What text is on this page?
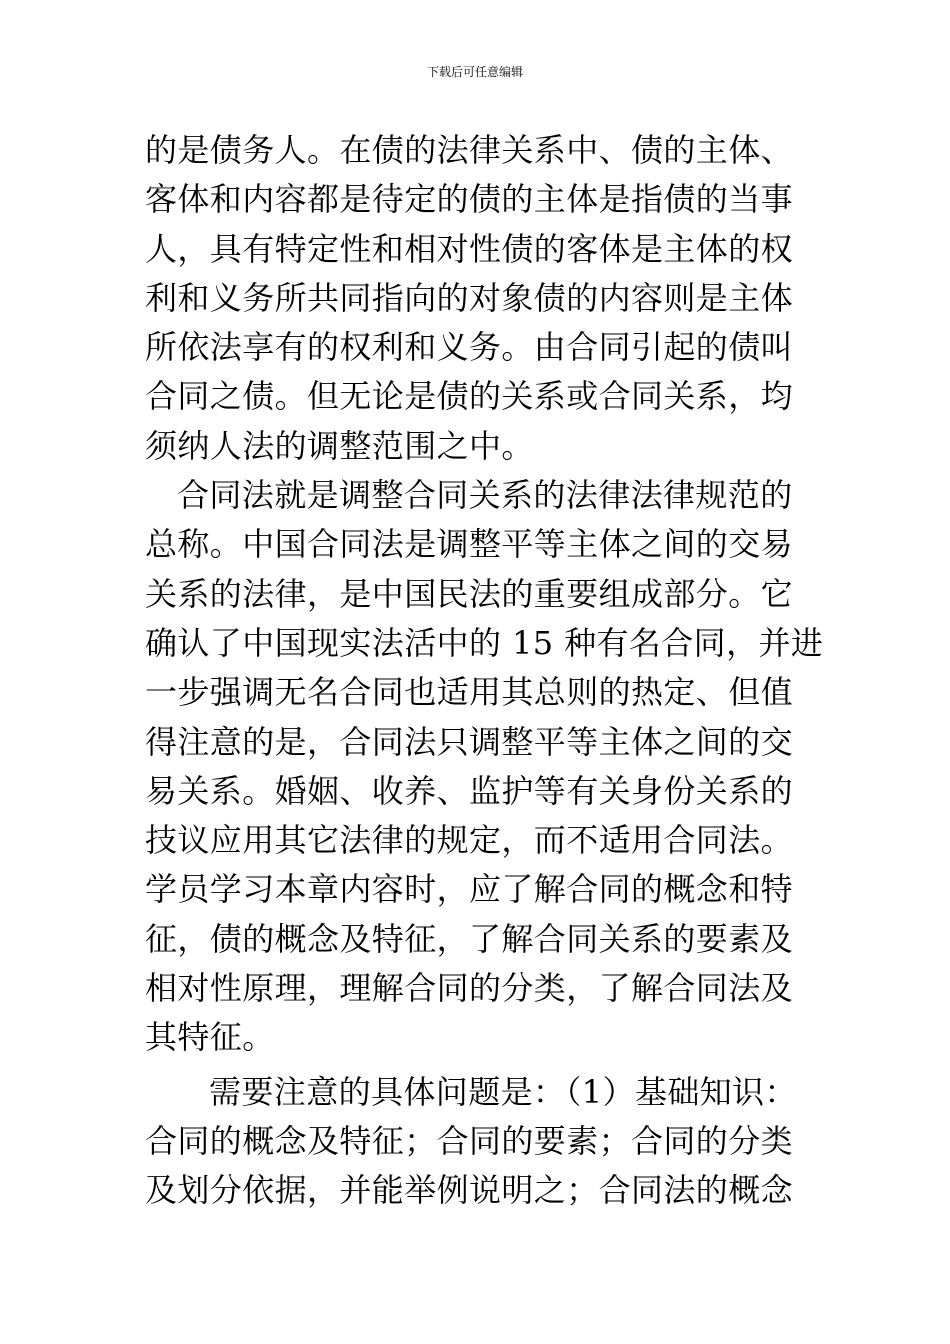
下载后可任意编辑
的是债务人。在债的法律关系中、债的主体、
客体和内容都是待定的债的主体是指债的当事
人，具有特定性和相对性债的客体是主体的权
利和义务所共同指向的对象债的内容则是主体
所依法享有的权利和义务。由合同引起的债叫
合同之债。但无论是债的关系或合同关系，均
须纳人法的调整范围之中。
合同法就是调整合同关系的法律法律规范的
总称。中国合同法是调整平等主体之间的交易
关系的法律，是中国民法的重要组成部分。它
确认了中国现实法活中的 15 种有名合同，并进
一步强调无名合同也适用其总则的热定、但值
得注意的是，合同法只调整平等主体之间的交
易关系。婚姻、收养、监护等有关身份关系的
技议应用其它法律的规定，而不适用合同法。
学员学习本章内容时，应了解合同的概念和特
征，债的概念及特征，了解合同关系的要素及
相对性原理，理解合同的分类，了解合同法及
其特征。
需要注意的具体问题是：（1）基础知识：
合同的概念及特征；合同的要素；合同的分类
及划分依据，并能举例说明之；合同法的概念
